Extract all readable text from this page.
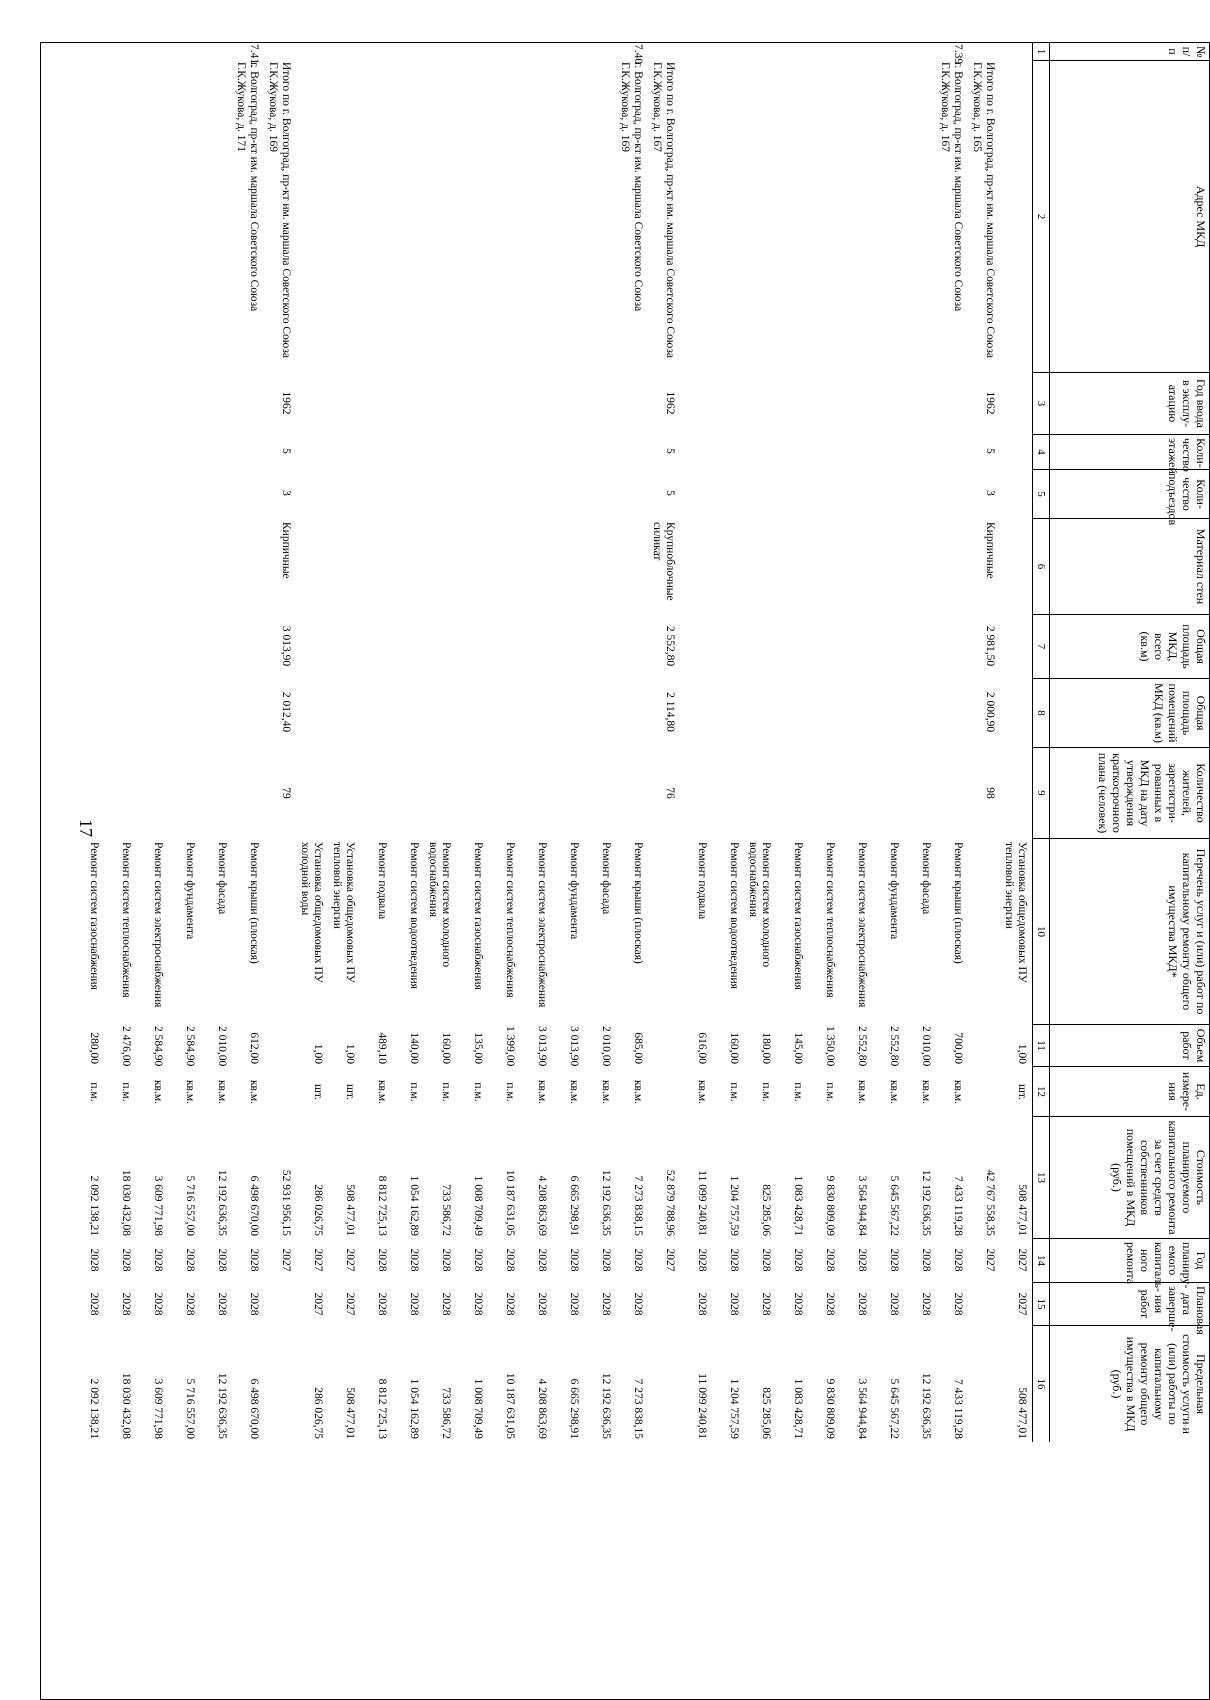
17
№ п/п
1
Адрес МКД
2
Год ввода в эксплу-атацию
3
Коли-чество этажей
4
Коли-чество подъездов
5
Материал стен
6
Общая площадь МКД, всего (кв.м)
7
Общая площадь помещений МКД (кв.м)
8
Количество жителей, зарегистри-рованных в МКД на дату утверждения краткосрочного плана (человек)
9
Перечень услуг и (или) работ по капитальному ремонту общего имущества МКД*
10
Объем работ
11
Ед. измере-ния
12
Стоимость планируемого капитального ремонта за счет средств собственников помещений в МКД (руб.)
13
Год планиру-емого капиталь-ного ремонта
14
Плановая дата заверше-ния работ
15
Предельная стоимость услуги и (или) работы по капитальному ремонту общего имущества в МКД (руб.)
16
Установка общедомовых ПУ тепловой энергии
1,00
шт.
508 477,01
2027
2027
508 477,01
Итого по г. Волгоград, пр-кт им. маршала Советского Союза Г.К.Жукова, д. 165
1962
5
3
Кирпичные
2 981,50
2 000,90
98
42 767 558,35
2027
7.39
г. Волгоград, пр-кт им. маршала Советского Союза Г.К.Жукова, д. 167
Ремонт крыши (плоская)
700,00
кв.м.
7 433 119,28
2028
2028
7 433 119,28
Ремонт фасада
2 010,00
кв.м.
12 192 636,35
2028
2028
12 192 636,35
Ремонт фундамента
2 552,80
кв.м.
5 645 567,22
2028
2028
5 645 567,22
Ремонт систем электроснабжения
2 552,80
кв.м.
3 564 944,84
2028
2028
3 564 944,84
Ремонт систем теплоснабжения
1 350,00
п.м.
9 830 809,09
2028
2028
9 830 809,09
Ремонт систем газоснабжения
145,00
п.м.
1 083 428,71
2028
2028
1 083 428,71
Ремонт систем холодного водоснабжения
180,00
п.м.
825 285,06
2028
2028
825 285,06
Ремонт систем водоотведения
160,00
п.м.
1 204 757,59
2028
2028
1 204 757,59
Ремонт подвала
616,00
кв.м.
11 099 240,81
2028
2028
11 099 240,81
Итого по г. Волгоград, пр-кт им. маршала Советского Союза Г.К.Жукова, д. 167
1962
5
5
Крупноблочные силикат
2 552,80
2 114,80
76
52 879 788,96
2027
7.40
г. Волгоград, пр-кт им. маршала Советского Союза Г.К.Жукова, д. 169
Ремонт крыши (плоская)
685,00
кв.м.
7 273 838,15
2028
2028
7 273 838,15
Ремонт фасада
2 010,00
кв.м.
12 192 636,35
2028
2028
12 192 636,35
Ремонт фундамента
3 013,90
кв.м.
6 665 298,91
2028
2028
6 665 298,91
Ремонт систем электроснабжения
3 013,90
кв.м.
4 208 863,69
2028
2028
4 208 863,69
Ремонт систем теплоснабжения
1 399,00
п.м.
10 187 631,05
2028
2028
10 187 631,05
Ремонт систем газоснабжения
135,00
п.м.
1 008 709,49
2028
2028
1 008 709,49
Ремонт систем холодного водоснабжения
160,00
п.м.
733 586,72
2028
2028
733 586,72
Ремонт систем водоотведения
140,00
п.м.
1 054 162,89
2028
2028
1 054 162,89
Ремонт подвала
489,10
кв.м.
8 812 725,13
2028
2028
8 812 725,13
Установка общедомовых ПУ тепловой энергии
1,00
шт.
508 477,01
2027
2027
508 477,01
Установка общедомовых ПУ холодной воды
1,00
шт.
286 026,75
2027
2027
286 026,75
Итого по г. Волгоград, пр-кт им. маршала Советского Союза Г.К.Жукова, д. 169
1962
5
3
Кирпичные
3 013,90
2 012,40
79
52 931 956,15
2027
7.41.
г. Волгоград, пр-кт им. маршала Советского Союза Г.К.Жукова, д. 171
Ремонт крыши (плоская)
612,00
кв.м.
6 498 670,00
2028
2028
6 498 670,00
Ремонт фасада
2 010,00
кв.м.
12 192 636,35
2028
2028
12 192 636,35
Ремонт фундамента
2 584,90
кв.м.
5 716 557,00
2028
2028
5 716 557,00
Ремонт систем электроснабжения
2 584,90
кв.м.
3 609 771,98
2028
2028
3 609 771,98
Ремонт систем теплоснабжения
2 476,00
п.м.
18 030 432,08
2028
2028
18 030 432,08
Ремонт систем газоснабжения
280,00
п.м.
2 092 138,21
2028
2028
2 092 138,21
